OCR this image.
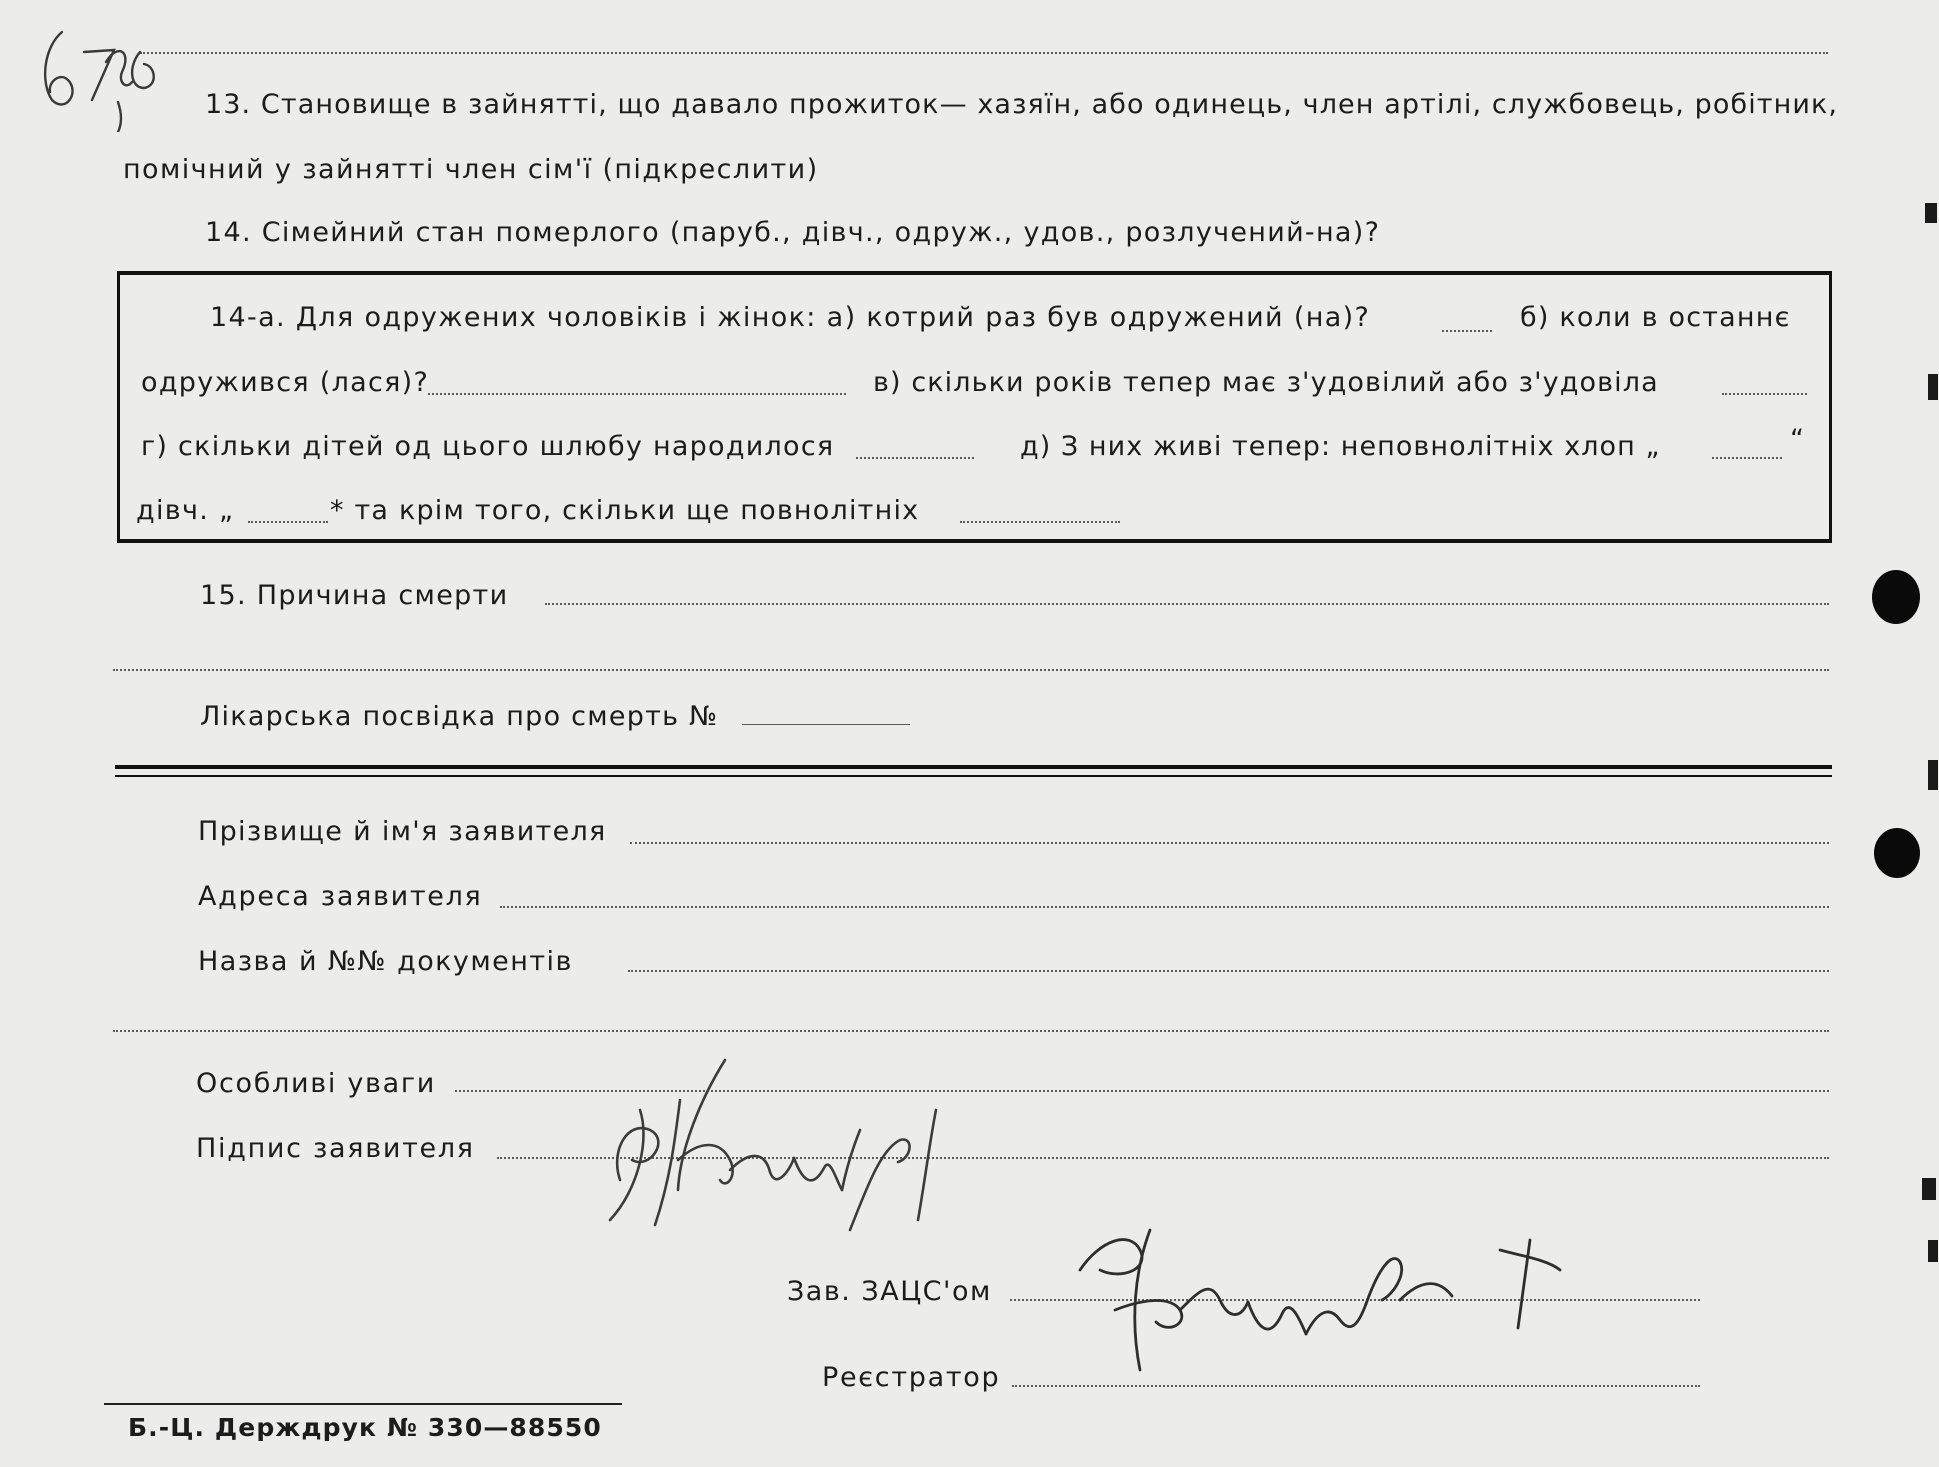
13. Становище в зайнятті, що давало прожиток— хазяїн, або одинець, член артілі, службовець, робітник,
помічний у зайнятті член сім'ї (підкреслити)
14. Сімейний стан померлого (паруб., дівч., одруж., удов., розлучений-на)?
14-а. Для одружених чоловіків і жінок: а) котрий раз був одружений (на)?	б) коли в останнє
одружився (лася)?	в) скільки років тепер має з'удовілий або з'удовіла
г) скільки дітей од цього шлюбу народилося	д) З них живі тепер: неповнолітніх хлоп „	“
дівч. „	* та крім того, скільки ще повнолітніх
15. Причина смерти
Лікарська посвідка про смерть №
Прізвище й ім'я заявителя
Адреса заявителя
Назва й №№ документів
Особливі уваги
Підпис заявителя
Зав. ЗАЦС'ом
Реєстратор
Б.-Ц. Держдрук № 330—88550
